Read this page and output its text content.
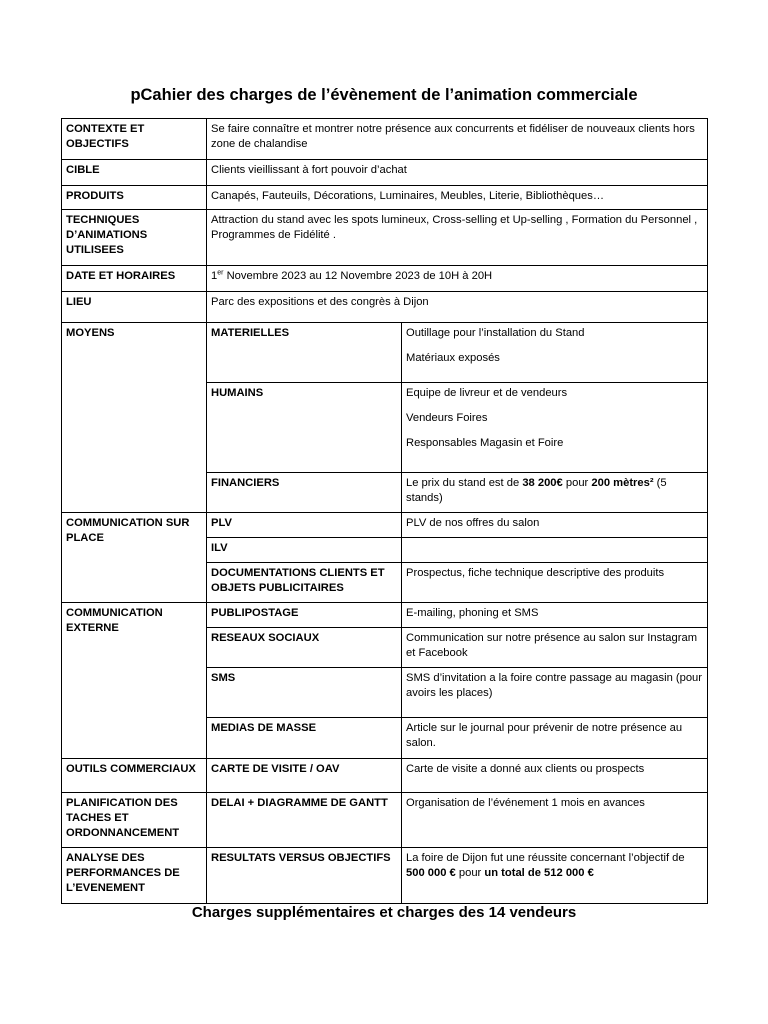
pCahier des charges de l’évènement de l’animation commerciale
CONTEXTE ET OBJECTIFS	Se faire connaître et montrer notre présence aux concurrents et fidéliser de nouveaux clients hors zone de chalandise	
CIBLE	Clients vieillissant à fort pouvoir d’achat	
PRODUITS	Canapés, Fauteuils, Décorations, Luminaires, Meubles, Literie, Bibliothèques…	
TECHNIQUES D’ANIMATIONS UTILISEES	Attraction du stand avec les spots lumineux, Cross-selling et Up-selling , Formation du Personnel , Programmes de Fidélité .	
DATE ET HORAIRES	1er Novembre 2023 au 12 Novembre 2023 de 10H à 20H	
LIEU	Parc des expositions et des congrès à Dijon	
MOYENS	MATERIELLES	Outillage pour l’installation du Stand
Matériaux exposés

	HUMAINS	Equipe de livreur et de vendeurs
Vendeurs Foires
Responsables Magasin et Foire

	FINANCIERS	Le prix du stand est de 38 200€ pour 200 mètres² (5 stands)
COMMUNICATION SUR PLACE	PLV	PLV de nos offres du salon
	ILV	
	DOCUMENTATIONS CLIENTS ET OBJETS PUBLICITAIRES	Prospectus, fiche technique descriptive des produits
COMMUNICATION EXTERNE	PUBLIPOSTAGE	E-mailing, phoning et SMS
	RESEAUX SOCIAUX	Communication sur notre présence au salon sur Instagram et Facebook
	SMS	SMS d’invitation a la foire contre passage au magasin (pour avoirs les places)
	MEDIAS DE MASSE	Article sur le journal pour prévenir de notre présence au salon.
OUTILS COMMERCIAUX	CARTE DE VISITE / OAV	Carte de visite a donné aux clients ou prospects
PLANIFICATION DES TACHES ET ORDONNANCEMENT	DELAI + DIAGRAMME DE GANTT	Organisation de l’événement 1 mois en avances
ANALYSE DES PERFORMANCES DE L’EVENEMENT	RESULTATS VERSUS OBJECTIFS	La foire de Dijon fut une réussite concernant l’objectif de 500 000 € pour un total de 512 000 €
Charges supplémentaires et charges des 14 vendeurs
